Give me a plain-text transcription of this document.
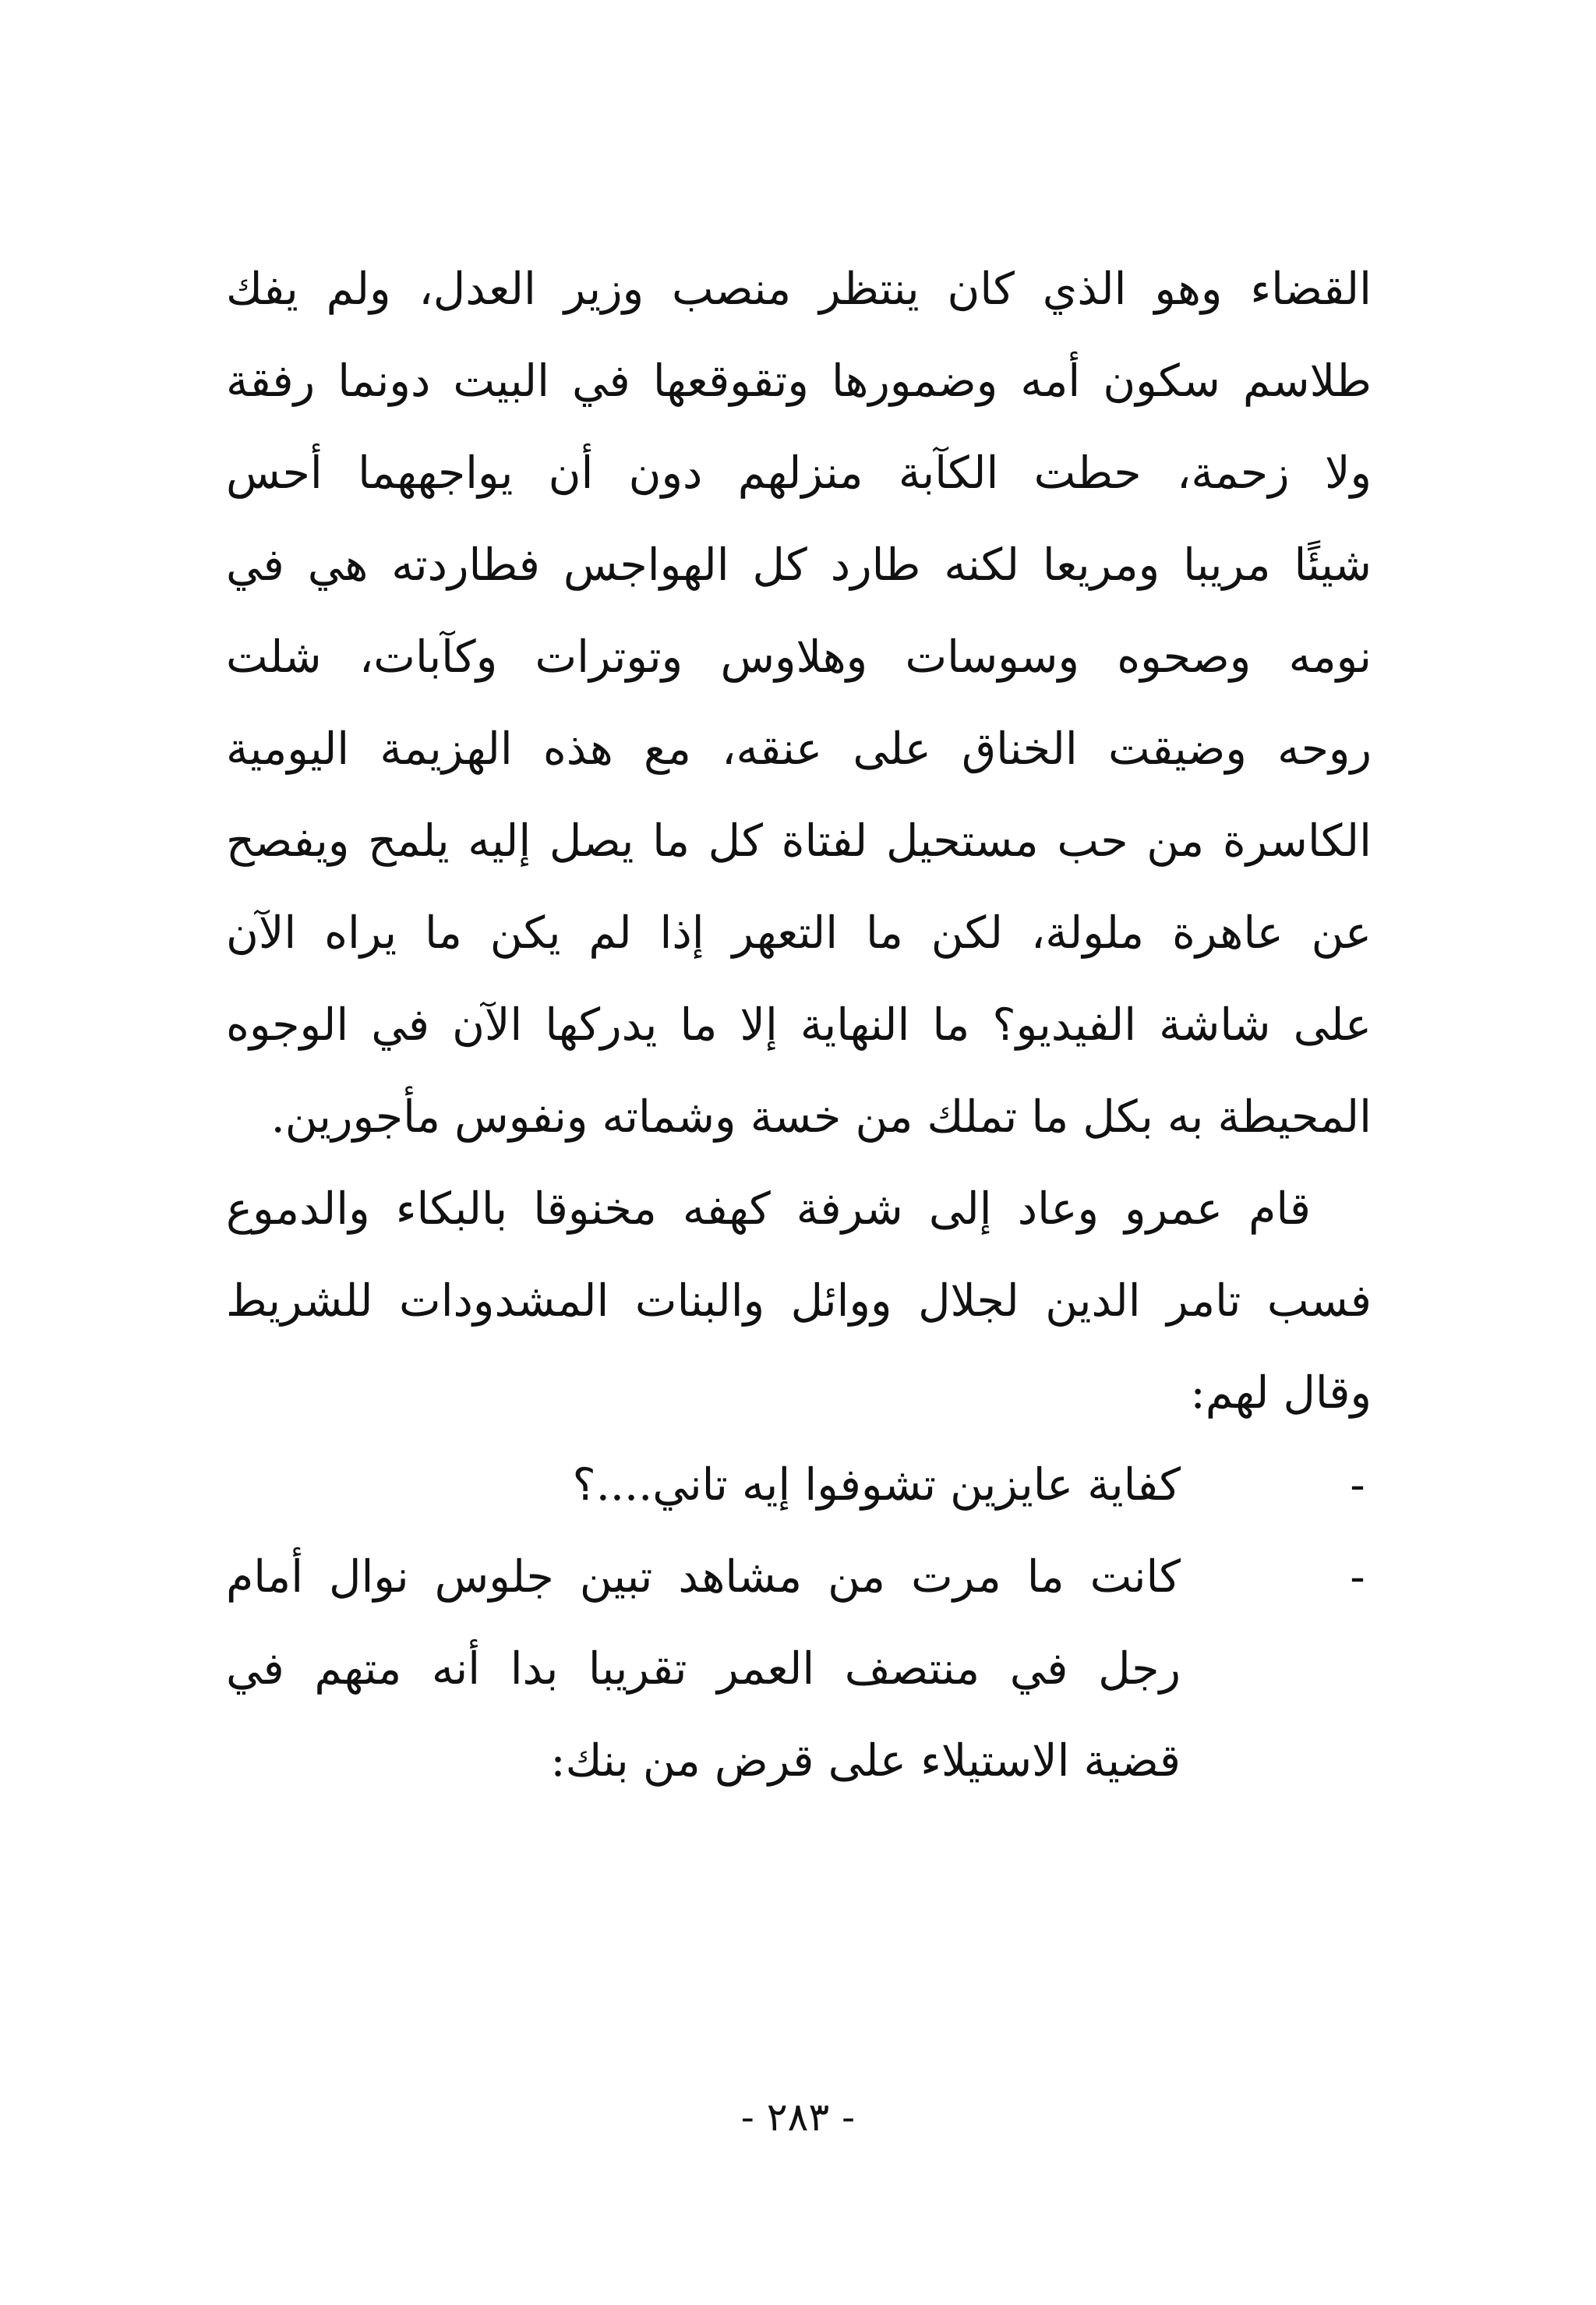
القضاء وهو الذي كان ينتظر منصب وزير العدل، ولم يفك
طلاسم سكون أمه وضمورها وتقوقعها في البيت دونما رفقة
ولا زحمة، حطت الكآبة منزلهم دون أن يواجههما أحس
شيئًا مريبا ومريعا لكنه طارد كل الهواجس فطاردته هي في
نومه وصحوه وسوسات وهلاوس وتوترات وكآبات، شلت
روحه وضيقت الخناق على عنقه، مع هذه الهزيمة اليومية
الكاسرة من حب مستحيل لفتاة كل ما يصل إليه يلمح ويفصح
عن عاهرة ملولة، لكن ما التعهر إذا لم يكن ما يراه الآن
على شاشة الفيديو؟ ما النهاية إلا ما يدركها الآن في الوجوه
المحيطة به بكل ما تملك من خسة وشماته ونفوس مأجورين.
قام عمرو وعاد إلى شرفة كهفه مخنوقا بالبكاء والدموع
فسب تامر الدين لجلال ووائل والبنات المشدودات للشريط
وقال لهم:
-
كفاية عايزين تشوفوا إيه تاني....؟
-
كانت ما مرت من مشاهد تبين جلوس نوال أمام
رجل في منتصف العمر تقريبا بدا أنه متهم في
قضية الاستيلاء على قرض من بنك:
- ٢٨٣ -
